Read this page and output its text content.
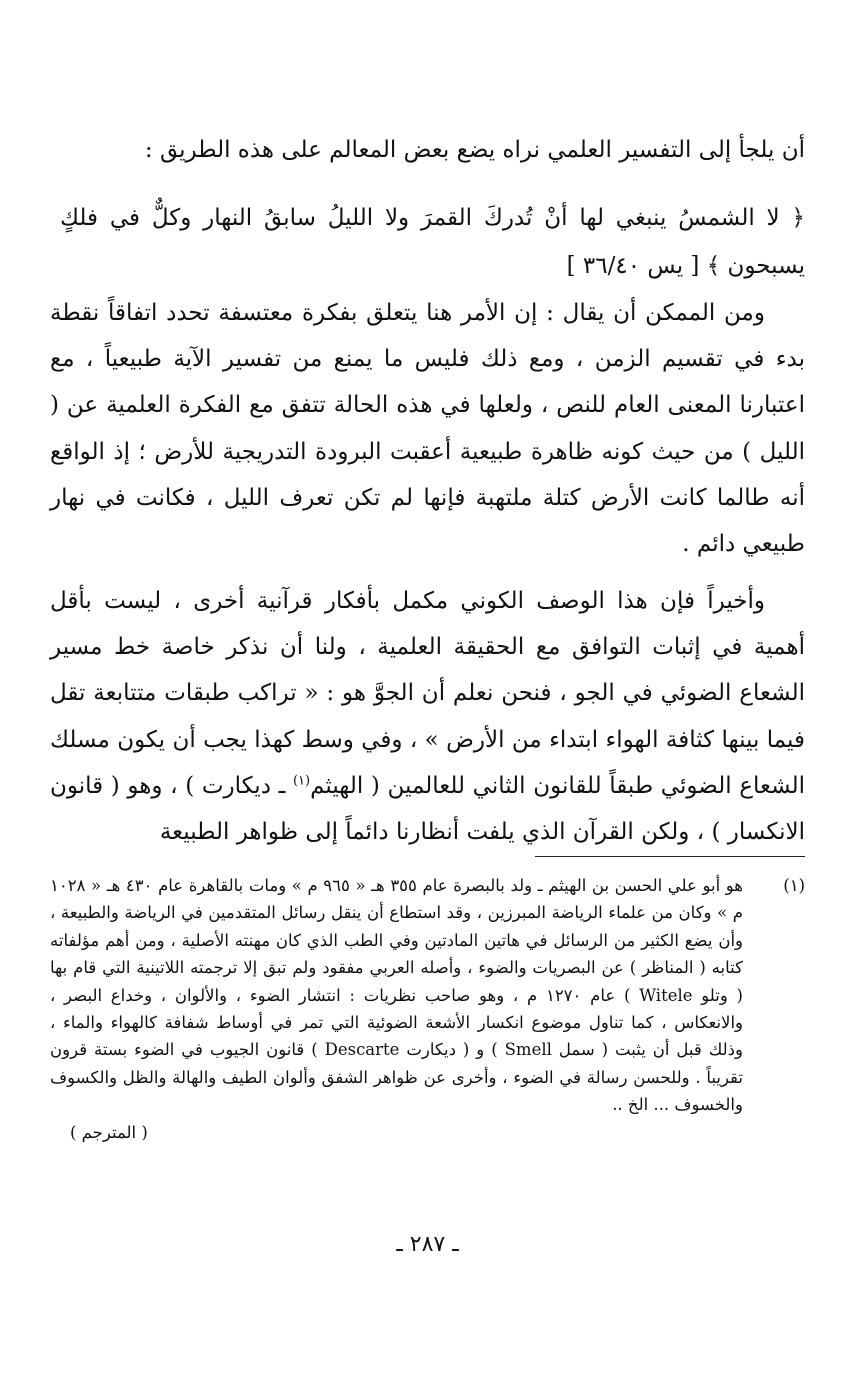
أن يلجأ إلى التفسير العلمي نراه يضع بعض المعالم على هذه الطريق :

﴿ لا الشمسُ ينبغي لها أنْ تُدركَ القمرَ ولا الليلُ سابقُ النهار وكلٌّ في فلكٍ يسبحون ﴾ [ يس ٣٦/٤٠ ]

ومن الممكن أن يقال : إن الأمر هنا يتعلق بفكرة معتسفة تحدد اتفاقاً نقطة بدء في تقسيم الزمن ، ومع ذلك فليس ما يمنع من تفسير الآية طبيعياً ، مع اعتبارنا المعنى العام للنص ، ولعلها في هذه الحالة تتفق مع الفكرة العلمية عن ( الليل ) من حيث كونه ظاهرة طبيعية أعقبت البرودة التدريجية للأرض ؛ إذ الواقع أنه طالما كانت الأرض كتلة ملتهبة فإنها لم تكن تعرف الليل ، فكانت في نهار طبيعي دائم .

وأخيراً فإن هذا الوصف الكوني مكمل بأفكار قرآنية أخرى ، ليست بأقل أهمية في إثبات التوافق مع الحقيقة العلمية ، ولنا أن نذكر خاصة خط مسير الشعاع الضوئي في الجو ، فنحن نعلم أن الجوَّ هو : « تراكب طبقات متتابعة تقل فيما بينها كثافة الهواء ابتداء من الأرض » ، وفي وسط كهذا يجب أن يكون مسلك الشعاع الضوئي طبقاً للقانون الثاني للعالمين ( الهيثم$^{(١)}$ ـ ديكارت ) ، وهو ( قانون الانكسار ) ، ولكن القرآن الذي يلفت أنظارنا دائماً إلى ظواهر الطبيعة

(١)
هو أبو علي الحسن بن الهيثم ـ ولد بالبصرة عام ٣٥٥ هـ « ٩٦٥ م » ومات بالقاهرة عام ٤٣٠ هـ « ١٠٢٨ م » وكان من علماء الرياضة المبرزين ، وقد استطاع أن ينقل رسائل المتقدمين في الرياضة والطبيعة ، وأن يضع الكثير من الرسائل في هاتين المادتين وفي الطب الذي كان مهنته الأصلية ، ومن أهم مؤلفاته كتابه ( المناظر ) عن البصريات والضوء ، وأصله العربي مفقود ولم تبق إلا ترجمته اللاتينية التي قام بها ( وتلو Witele ) عام ١٢٧٠ م ، وهو صاحب نظريات : انتشار الضوء ، والألوان ، وخداع البصر ، والانعكاس ، كما تناول موضوع انكسار الأشعة الضوئية التي تمر في أوساط شفافة كالهواء والماء ، وذلك قبل أن يثبت ( سمل Smell ) و ( ديكارت Descarte ) قانون الجيوب في الضوء بستة قرون تقريباً . وللحسن رسالة في الضوء ، وأخرى عن ظواهر الشفق وألوان الطيف والهالة والظل والكسوف والخسوف ... الخ ..
( المترجم )
ـ ٢٨٧ ـ
